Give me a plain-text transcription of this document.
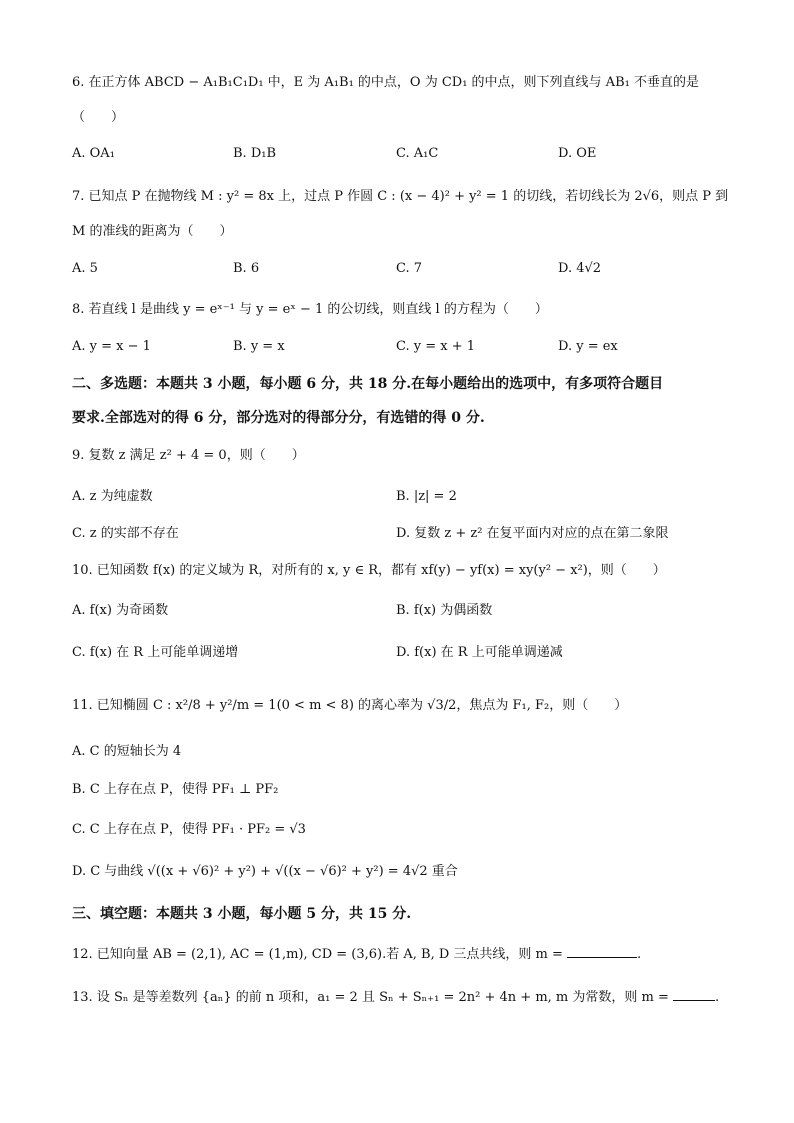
6. 在正方体 ABCD − A₁B₁C₁D₁ 中，E 为 A₁B₁ 的中点，O 为 CD₁ 的中点，则下列直线与 AB₁ 不垂直的是
（　　）
A. OA₁	B. D₁B	C. A₁C	D. OE
7. 已知点 P 在抛物线 M : y² = 8x 上，过点 P 作圆 C : (x − 4)² + y² = 1 的切线，若切线长为 2√6，则点 P 到
M 的准线的距离为（　　）
A. 5	B. 6	C. 7	D. 4√2
8. 若直线 l 是曲线 y = eˣ⁻¹ 与 y = eˣ − 1 的公切线，则直线 l 的方程为（　　）
A. y = x − 1	B. y = x	C. y = x + 1	D. y = ex
二、多选题：本题共 3 小题，每小题 6 分，共 18 分.在每小题给出的选项中，有多项符合题目
要求.全部选对的得 6 分，部分选对的得部分分，有选错的得 0 分.
9. 复数 z 满足 z² + 4 = 0，则（　　）
A. z 为纯虚数	B. |z| = 2
C. z 的实部不存在	D. 复数 z + z² 在复平面内对应的点在第二象限
10. 已知函数 f(x) 的定义域为 R，对所有的 x, y ∈ R，都有 xf(y) − yf(x) = xy(y² − x²)，则（　　）
A. f(x) 为奇函数	B. f(x) 为偶函数
C. f(x) 在 R 上可能单调递增	D. f(x) 在 R 上可能单调递减
11. 已知椭圆 C : x²/8 + y²/m = 1(0 < m < 8) 的离心率为 √3/2，焦点为 F₁, F₂，则（　　）
A. C 的短轴长为 4
B. C 上存在点 P，使得 PF₁ ⊥ PF₂
C. C 上存在点 P，使得 PF₁ · PF₂ = √3
D. C 与曲线 √((x + √6)² + y²) + √((x − √6)² + y²) = 4√2 重合
三、填空题：本题共 3 小题，每小题 5 分，共 15 分.
12. 已知向量 AB = (2,1), AC = (1,m), CD = (3,6).若 A, B, D 三点共线，则 m =	.
13. 设 Sₙ 是等差数列 {aₙ} 的前 n 项和，a₁ = 2 且 Sₙ + Sₙ₊₁ = 2n² + 4n + m, m 为常数，则 m =	.
